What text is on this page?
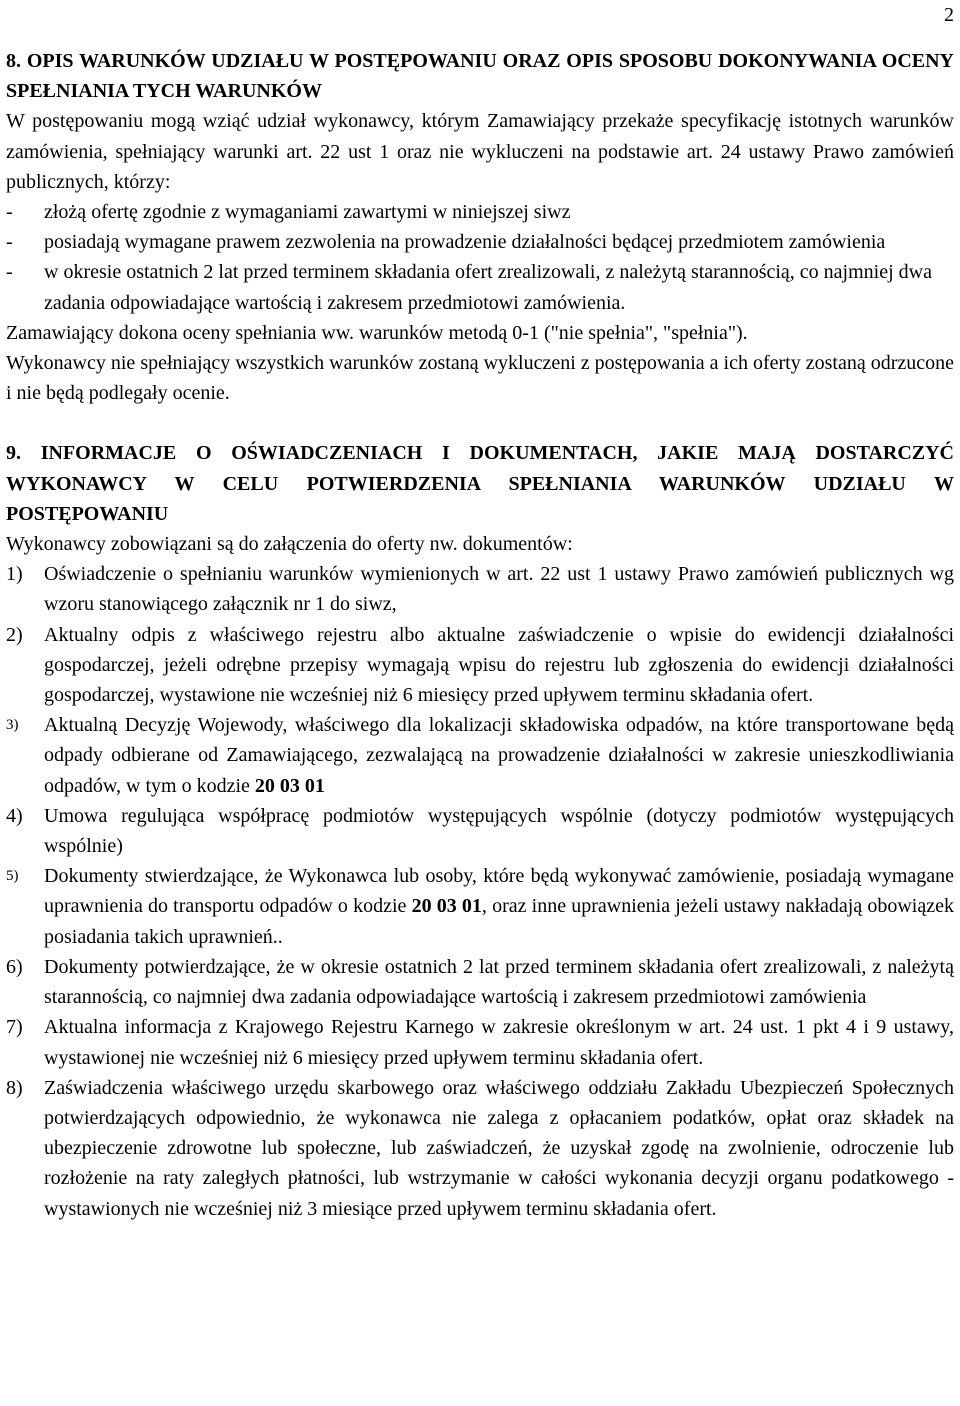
2
8. OPIS WARUNKÓW UDZIAŁU W POSTĘPOWANIU ORAZ OPIS SPOSOBU DOKONYWANIA OCENY SPEŁNIANIA TYCH WARUNKÓW
W postępowaniu mogą wziąć udział wykonawcy, którym Zamawiający przekaże specyfikację istotnych warunków zamówienia, spełniający warunki art. 22 ust 1 oraz nie wykluczeni na podstawie art. 24 ustawy Prawo zamówień publicznych, którzy:
- złożą ofertę zgodnie z wymaganiami zawartymi w niniejszej siwz
- posiadają wymagane prawem zezwolenia na prowadzenie działalności będącej przedmiotem zamówienia
- w okresie ostatnich 2 lat przed terminem składania ofert zrealizowali, z należytą starannością, co najmniej dwa zadania odpowiadające wartością i zakresem przedmiotowi zamówienia.
Zamawiający dokona oceny spełniania ww. warunków metodą 0-1 ("nie spełnia", "spełnia").
Wykonawcy nie spełniający wszystkich warunków zostaną wykluczeni z postępowania a ich oferty zostaną odrzucone i nie będą podlegały ocenie.
9. INFORMACJE O OŚWIADCZENIACH I DOKUMENTACH, JAKIE MAJĄ DOSTARCZYĆ WYKONAWCY W CELU POTWIERDZENIA SPEŁNIANIA WARUNKÓW UDZIAŁU W POSTĘPOWANIU
Wykonawcy zobowiązani są do załączenia do oferty nw. dokumentów:
1) Oświadczenie o spełnianiu warunków wymienionych w art. 22 ust 1 ustawy Prawo zamówień publicznych wg wzoru stanowiącego załącznik nr 1 do siwz,
2) Aktualny odpis z właściwego rejestru albo aktualne zaświadczenie o wpisie do ewidencji działalności gospodarczej, jeżeli odrębne przepisy wymagają wpisu do rejestru lub zgłoszenia do ewidencji działalności gospodarczej, wystawione nie wcześniej niż 6 miesięcy przed upływem terminu składania ofert.
3) Aktualną Decyzję Wojewody, właściwego dla lokalizacji składowiska odpadów, na które transportowane będą odpady odbierane od Zamawiającego, zezwalającą na prowadzenie działalności w zakresie unieszkodliwiania odpadów, w tym o kodzie 20 03 01
4) Umowa regulująca współpracę podmiotów występujących wspólnie (dotyczy podmiotów występujących wspólnie)
5) Dokumenty stwierdzające, że Wykonawca lub osoby, które będą wykonywać zamówienie, posiadają wymagane uprawnienia do transportu odpadów o kodzie 20 03 01, oraz inne uprawnienia jeżeli ustawy nakładają obowiązek posiadania takich uprawnień..
6) Dokumenty potwierdzające, że w okresie ostatnich 2 lat przed terminem składania ofert zrealizowali, z należytą starannością, co najmniej dwa zadania odpowiadające wartością i zakresem przedmiotowi zamówienia
7) Aktualna informacja z Krajowego Rejestru Karnego w zakresie określonym w art. 24 ust. 1 pkt 4 i 9 ustawy, wystawionej nie wcześniej niż 6 miesięcy przed upływem terminu składania ofert.
8) Zaświadczenia właściwego urzędu skarbowego oraz właściwego oddziału Zakładu Ubezpieczeń Społecznych potwierdzających odpowiednio, że wykonawca nie zalega z opłacaniem podatków, opłat oraz składek na ubezpieczenie zdrowotne lub społeczne, lub zaświadczeń, że uzyskał zgodę na zwolnienie, odroczenie lub rozłożenie na raty zaległych płatności, lub wstrzymanie w całości wykonania decyzji organu podatkowego - wystawionych nie wcześniej niż 3 miesiące przed upływem terminu składania ofert.
